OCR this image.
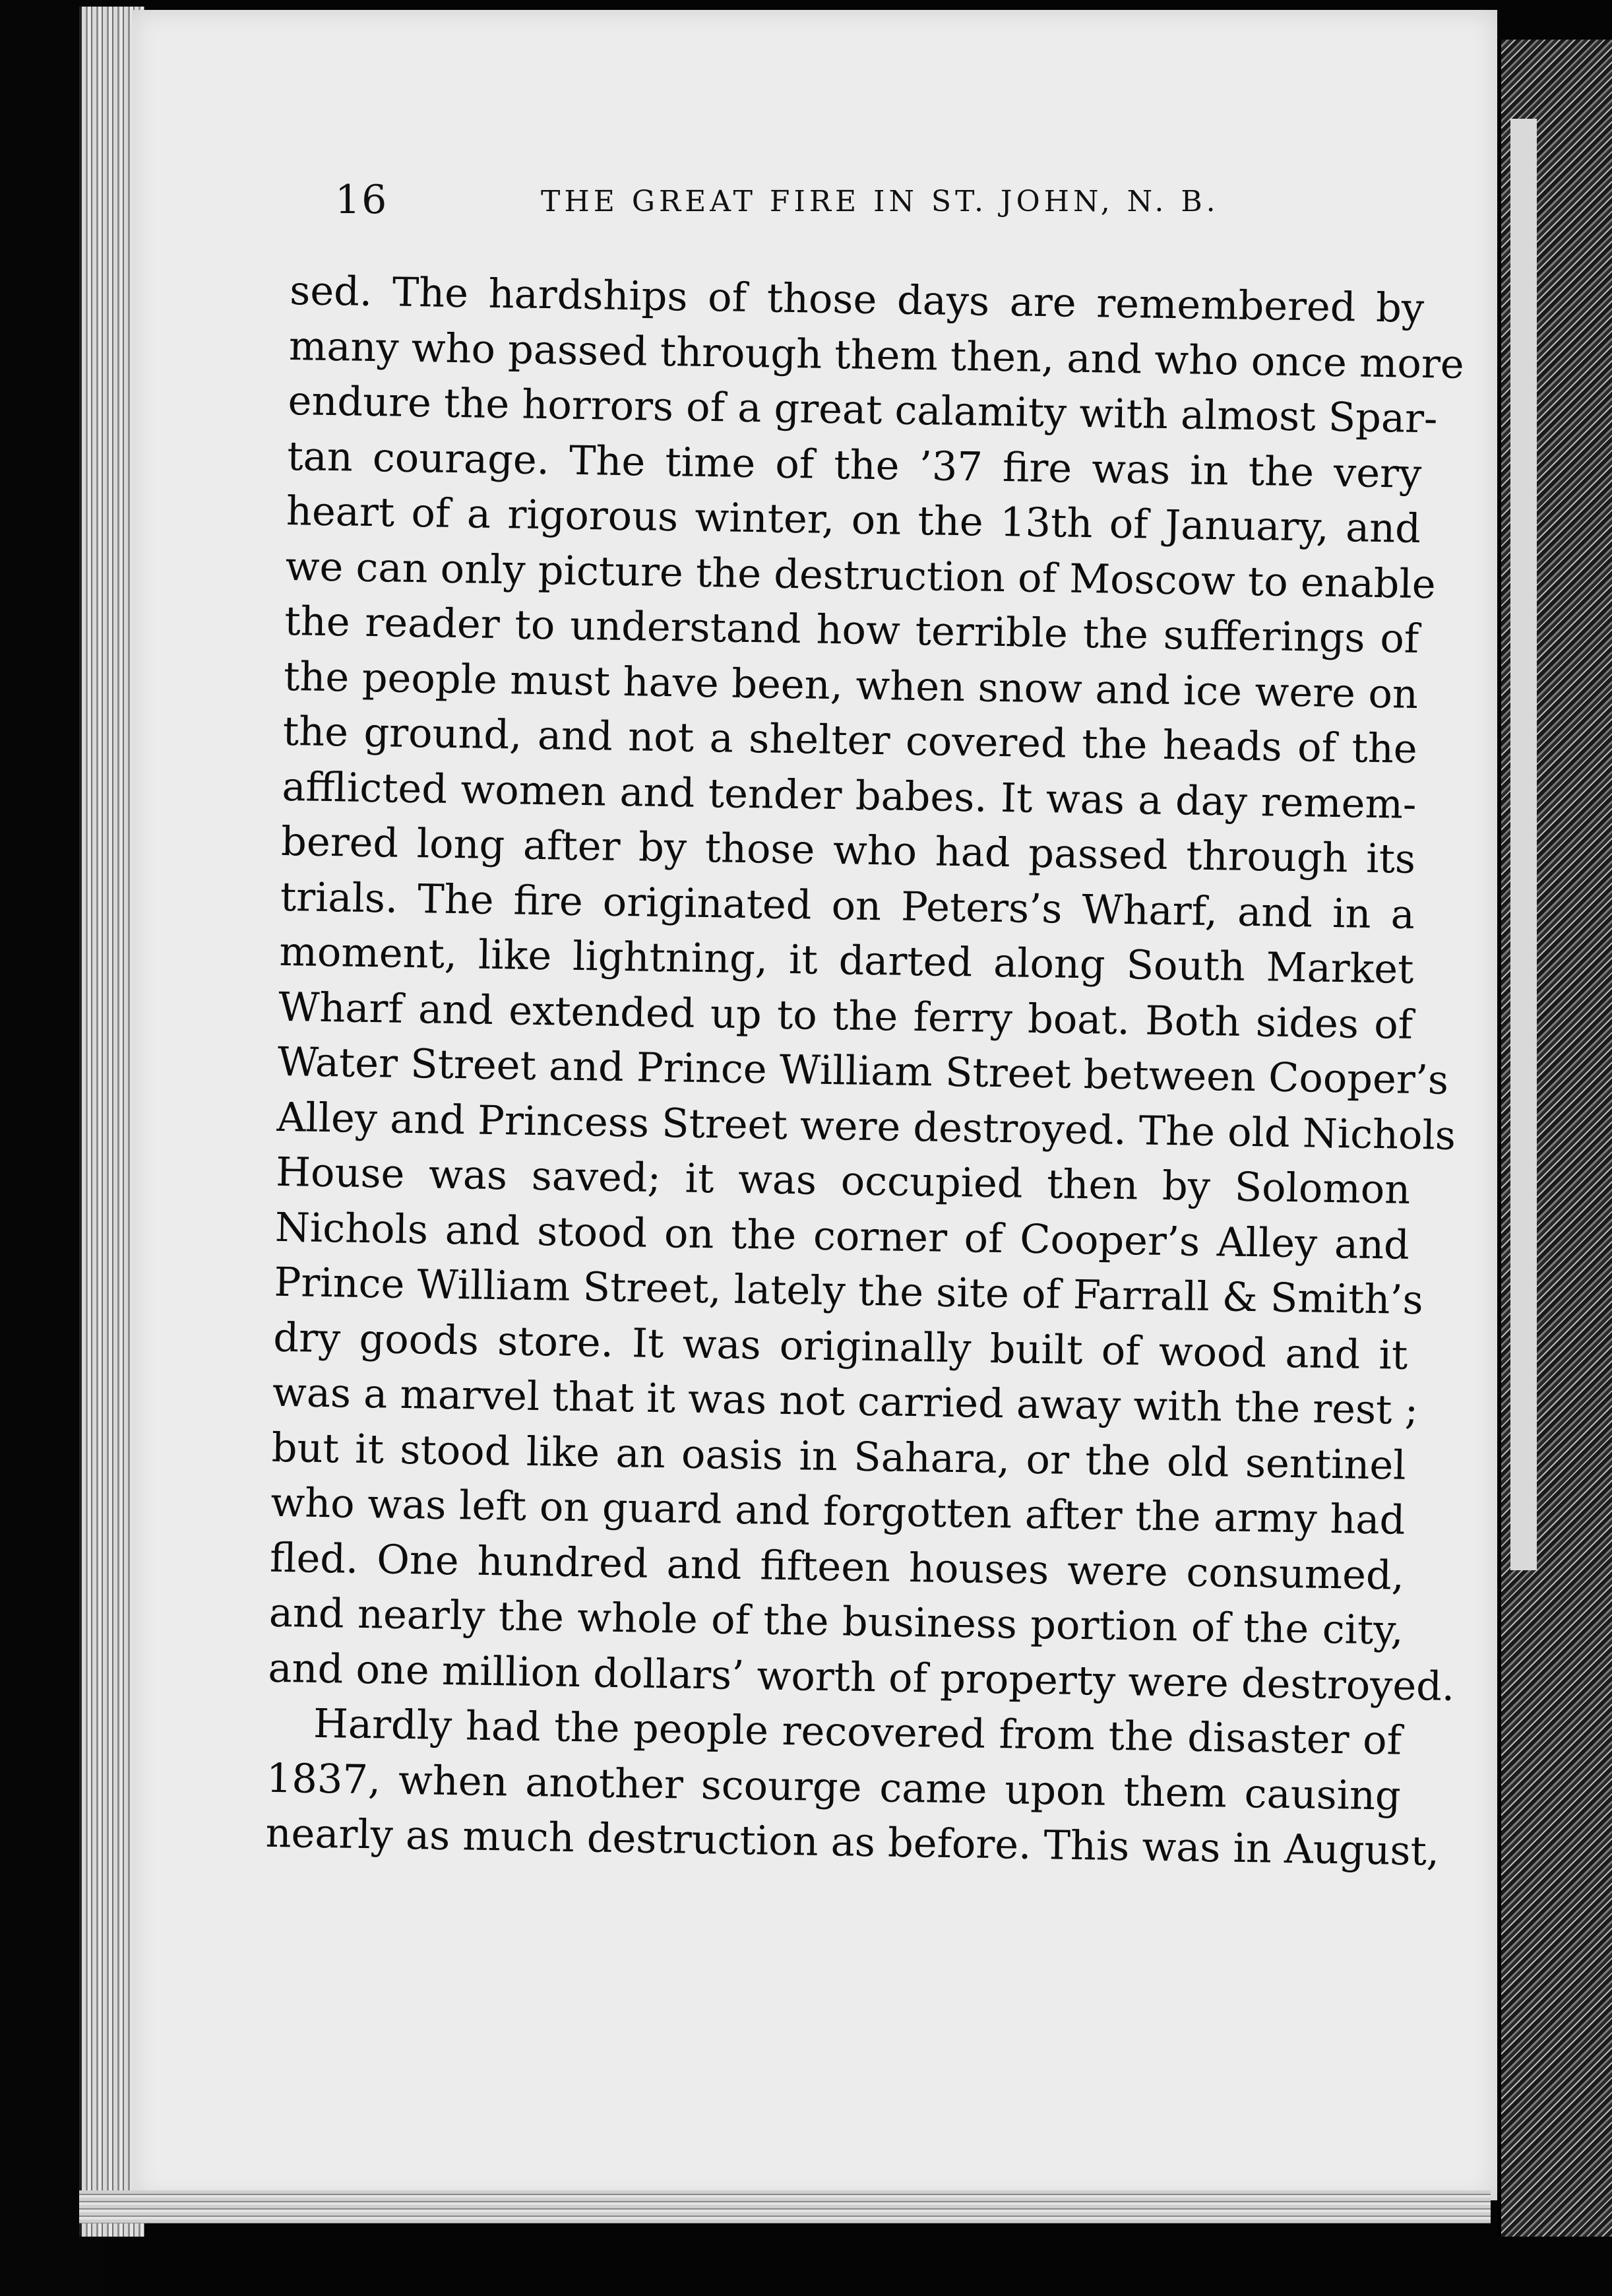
16	THE GREAT FIRE IN ST. JOHN, N. B.
sed. The hardships of those days are remembered by
many who passed through them then, and who once more
endure the horrors of a great calamity with almost Spar-
tan courage. The time of the ’37 fire was in the very
heart of a rigorous winter, on the 13th of January, and
we can only picture the destruction of Moscow to enable
the reader to understand how terrible the sufferings of
the people must have been, when snow and ice were on
the ground, and not a shelter covered the heads of the
afflicted women and tender babes. It was a day remem-
bered long after by those who had passed through its
trials. The fire originated on Peters’s Wharf, and in a
moment, like lightning, it darted along South Market
Wharf and extended up to the ferry boat. Both sides of
Water Street and Prince William Street between Cooper’s
Alley and Princess Street were destroyed. The old Nichols
House was saved; it was occupied then by Solomon
Nichols and stood on the corner of Cooper’s Alley and
Prince William Street, lately the site of Farrall & Smith’s
dry goods store. It was originally built of wood and it
was a marvel that it was not carried away with the rest ;
but it stood like an oasis in Sahara, or the old sentinel
who was left on guard and forgotten after the army had
fled. One hundred and fifteen houses were consumed,
and nearly the whole of the business portion of the city,
and one million dollars’ worth of property were destroyed.
Hardly had the people recovered from the disaster of
1837, when another scourge came upon them causing
nearly as much destruction as before. This was in August,
